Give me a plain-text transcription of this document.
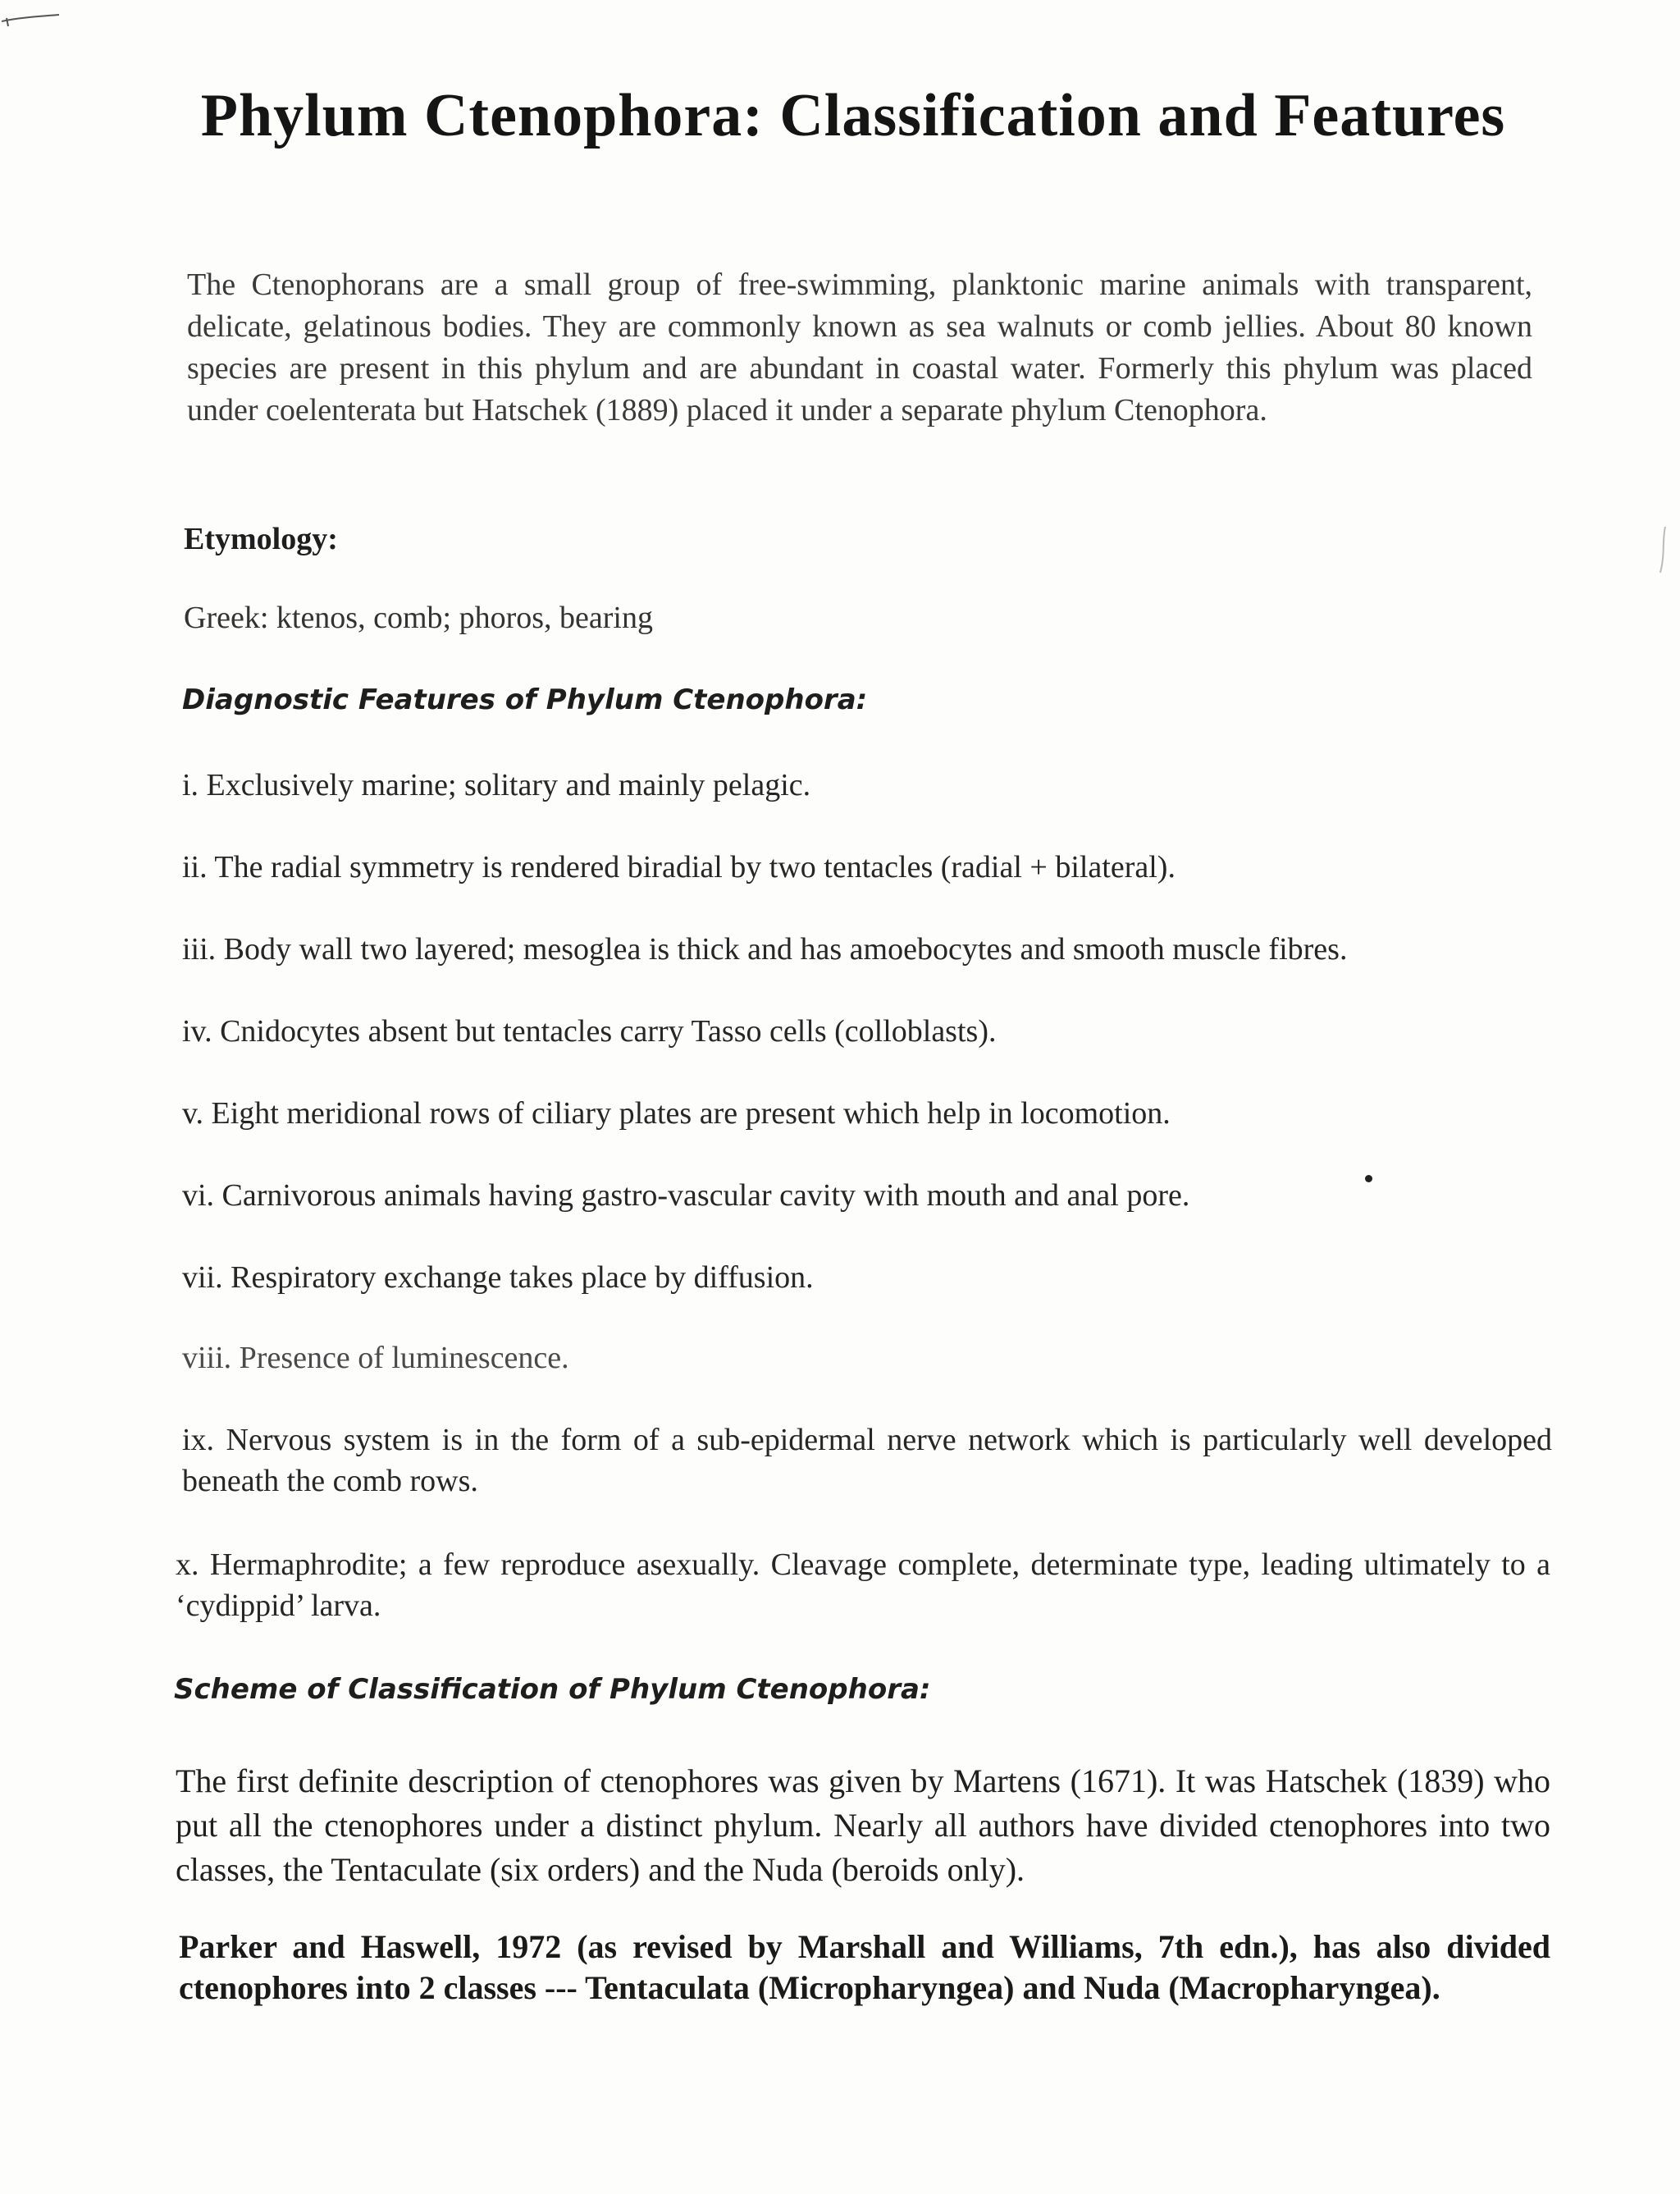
Phylum Ctenophora: Classification and Features

The Ctenophorans are a small group of free-swimming, planktonic marine animals with transparent, delicate, gelatinous bodies. They are commonly known as sea walnuts or comb jellies. About 80 known species are present in this phylum and are abundant in coastal water. Formerly this phylum was placed under coelenterata but Hatschek (1889) placed it under a separate phylum Ctenophora.

Etymology:

Greek: ktenos, comb; phoros, bearing

Diagnostic Features of Phylum Ctenophora:

i. Exclusively marine; solitary and mainly pelagic.

ii. The radial symmetry is rendered biradial by two tentacles (radial + bilateral).

iii. Body wall two layered; mesoglea is thick and has amoebocytes and smooth muscle fibres.

iv. Cnidocytes absent but tentacles carry Tasso cells (colloblasts).

v. Eight meridional rows of ciliary plates are present which help in locomotion.

vi. Carnivorous animals having gastro-vascular cavity with mouth and anal pore.

vii. Respiratory exchange takes place by diffusion.

viii. Presence of luminescence.

ix. Nervous system is in the form of a sub-epidermal nerve network which is particularly well developed beneath the comb rows.

x. Hermaphrodite; a few reproduce asexually. Cleavage complete, determinate type, leading ultimately to a ‘cydippid’ larva.

Scheme of Classification of Phylum Ctenophora:

The first definite description of ctenophores was given by Martens (1671). It was Hatschek (1839) who put all the ctenophores under a distinct phylum. Nearly all authors have divided ctenophores into two classes, the Tentaculate (six orders) and the Nuda (beroids only).

Parker and Haswell, 1972 (as revised by Marshall and Williams, 7th edn.), has also divided ctenophores into 2 classes --- Tentaculata (Micropharyngea) and Nuda (Macropharyngea).
